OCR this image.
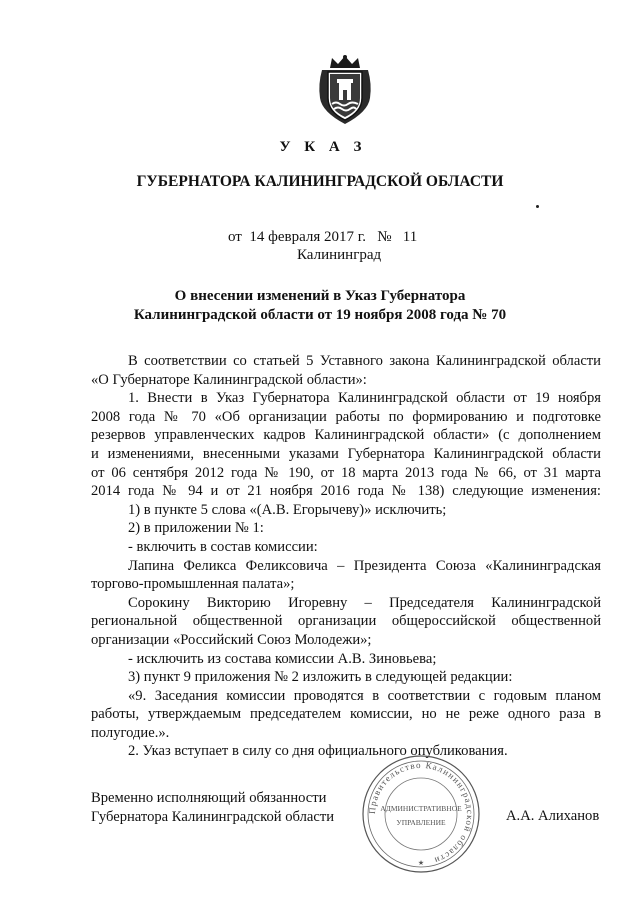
У К А З
ГУБЕРНАТОРА КАЛИНИНГРАДСКОЙ ОБЛАСТИ
от  14 февраля 2017 г.   №   11
Калининград
О внесении изменений в Указ Губернатора
Калининградской области от 19 ноября 2008 года № 70

В соответствии со статьей 5 Уставного закона Калининградской области

«О Губернаторе Калининградской области»:

1. Внести в Указ Губернатора Калининградской области от 19 ноября

2008 года № 70 «Об организации работы по формированию и подготовке

резервов управленческих кадров Калининградской области» (с дополнением

и изменениями, внесенными указами Губернатора Калининградской области

от 06 сентября 2012 года № 190, от 18 марта 2013 года № 66, от 31 марта

2014 года № 94 и от 21 ноября 2016 года № 138) следующие изменения:

1) в пункте 5 слова «(А.В. Егорычеву)» исключить;

2) в приложении № 1:

- включить в состав комиссии:

Лапина Феликса Феликсовича – Президента Союза «Калининградская

торгово-промышленная палата»;

Сорокину Викторию Игоревну – Председателя Калининградской

региональной общественной организации общероссийской общественной

организации «Российский Союз Молодежи»;

- исключить из состава комиссии А.В. Зиновьева;

3) пункт 9 приложения № 2 изложить в следующей редакции:

«9. Заседания комиссии проводятся в соответствии с годовым планом

работы, утверждаемым председателем комиссии, но не реже одного раза в

полугодие.».

2. Указ вступает в силу со дня официального опубликования.

Временно исполняющий обязанности
Губернатора Калининградской области	Правительство Калининградской области
АДМИНИСТРАТИВНОЕ
УПРАВЛЕНИЕ
★
А.А. Алиханов
